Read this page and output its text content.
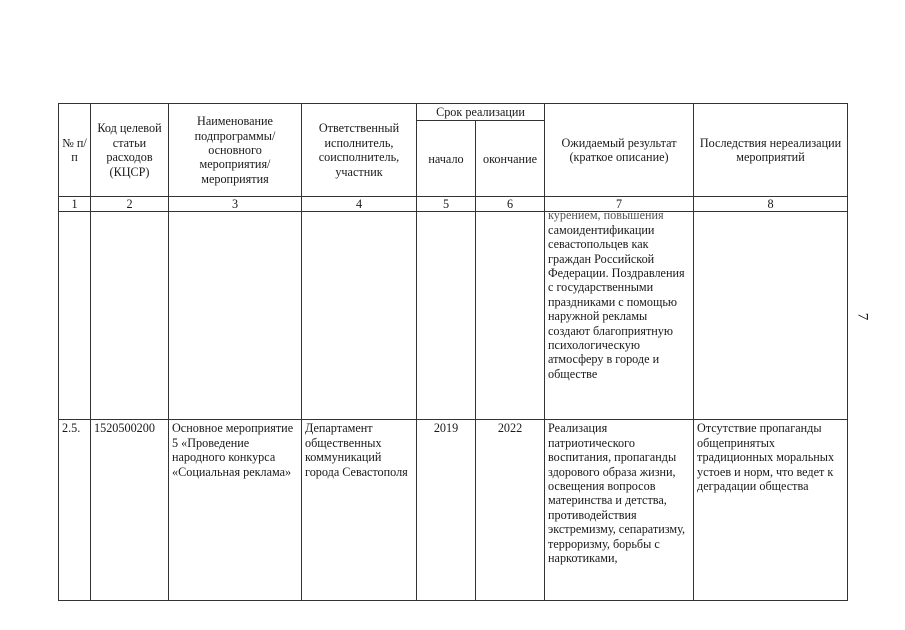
7
№ п/п	Код целевой статьи расходов (КЦСР)	Наименование подпрограммы/ основного мероприятия/ мероприятия	Ответственный исполнитель, соисполнитель, участник	Срок реализации		Ожидаемый результат (краткое описание)	Последствия нереализации мероприятий
				начало	окончание		
1	2	3	4	5	6	7	8

						курением, повышения
самоидентификации севастопольцев как граждан Российской Федерации. Поздравления с государственными праздниками с помощью наружной рекламы создают благоприятную психологическую атмосферу в городе и обществе	

2.5.	1520500200	Основное мероприятие 5 «Проведение народного конкурса «Социальная реклама»	Департамент общественных коммуникаций города Севастополя	2019	2022	Реализация патриотического воспитания, пропаганды здорового образа жизни, освещения вопросов материнства и детства, противодействия экстремизму, сепаратизму, терроризму, борьбы с наркотиками,	Отсутствие пропаганды общепринятых традиционных моральных устоев и норм, что ведет к деградации общества
